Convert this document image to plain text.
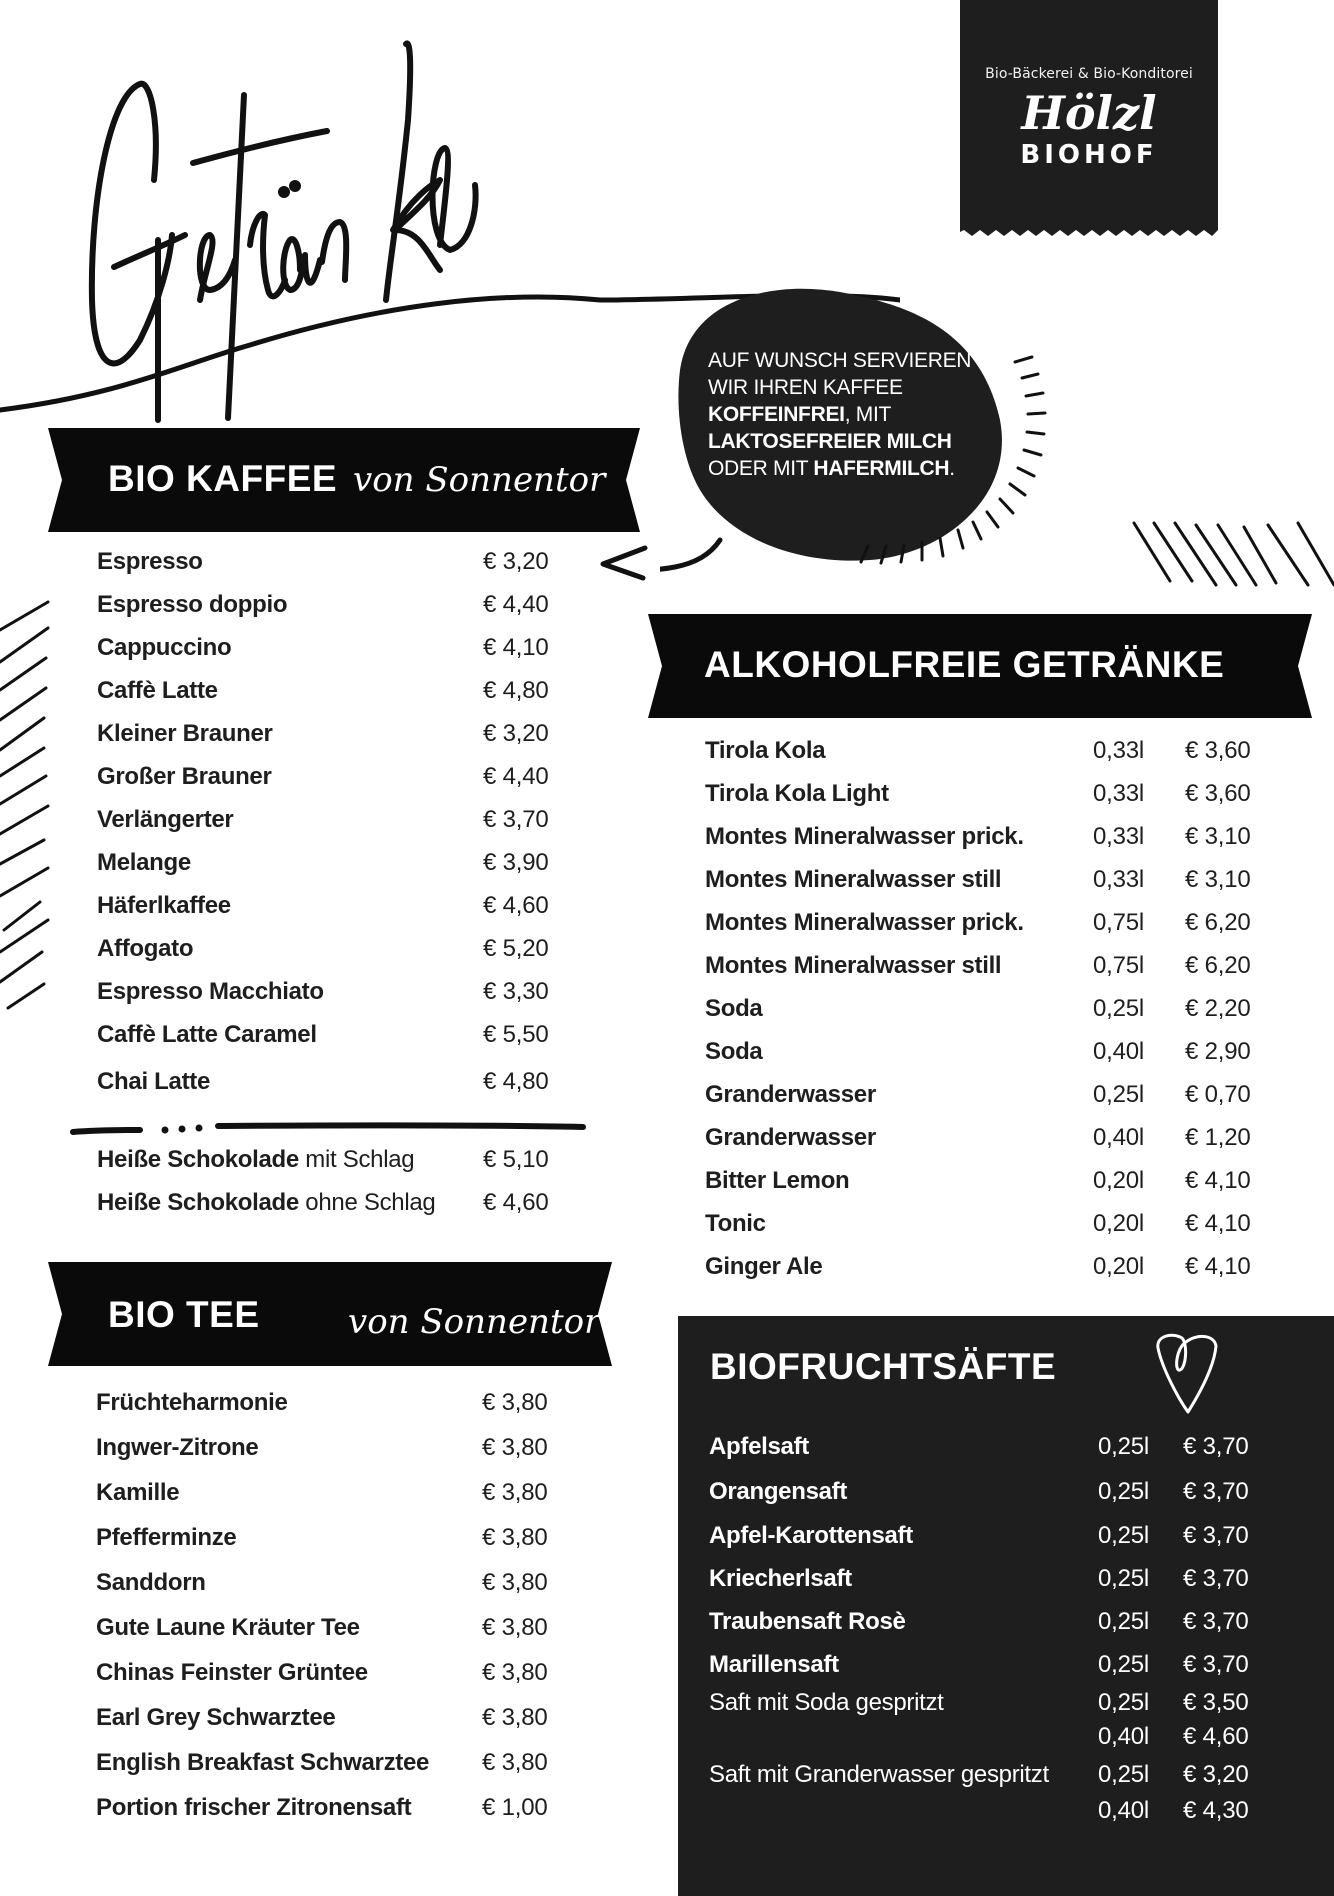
Bio-Bäckerei & Bio-Konditorei
Hölzl
BIOHOF
AUF WUNSCH SERVIEREN
WIR IHREN KAFFEE
KOFFEINFREI, MIT
LAKTOSEFREIER MILCH
ODER MIT HAFERMILCH.
BIO KAFFEE von Sonnentor
Espresso	€ 3,20
Espresso doppio	€ 4,40
Cappuccino	€ 4,10
Caffè Latte	€ 4,80
Kleiner Brauner	€ 3,20
Großer Brauner	€ 4,40
Verlängerter	€ 3,70
Melange	€ 3,90
Häferlkaffee	€ 4,60
Affogato	€ 5,20
Espresso Macchiato	€ 3,30
Caffè Latte Caramel	€ 5,50
Chai Latte	€ 4,80
Heiße Schokolade mit Schlag	€ 5,10
Heiße Schokolade ohne Schlag € 4,60
BIO TEE	von Sonnentor
Früchteharmonie	€ 3,80
Ingwer-Zitrone	€ 3,80
Kamille	€ 3,80
Pfefferminze	€ 3,80
Sanddorn	€ 3,80
Gute Laune Kräuter Tee	€ 3,80
Chinas Feinster Grüntee	€ 3,80
Earl Grey Schwarztee	€ 3,80
English Breakfast Schwarztee € 3,80
Portion frischer Zitronensaft	€ 1,00
ALKOHOLFREIE GETRÄNKE
Tirola Kola	0,33l € 3,60
Tirola Kola Light	0,33l € 3,60
Montes Mineralwasser prick.	0,33l € 3,10
Montes Mineralwasser still	0,33l € 3,10
Montes Mineralwasser prick.	0,75l € 6,20
Montes Mineralwasser still	0,75l € 6,20
Soda	0,25l € 2,20
Soda	0,40l € 2,90
Granderwasser	0,25l € 0,70
Granderwasser	0,40l € 1,20
Bitter Lemon	0,20l € 4,10
Tonic	0,20l € 4,10
Ginger Ale	0,20l € 4,10
BIOFRUCHTSÄFTE
Apfelsaft	0,25l € 3,70
Orangensaft	0,25l € 3,70
Apfel-Karottensaft	0,25l € 3,70
Kriecherlsaft	0,25l € 3,70
Traubensaft Rosè	0,25l € 3,70
Marillensaft	0,25l € 3,70
Saft mit Soda gespritzt	0,25l € 3,50
0,40l € 4,60
Saft mit Granderwasser gespritzt 0,25l € 3,20
0,40l € 4,30
